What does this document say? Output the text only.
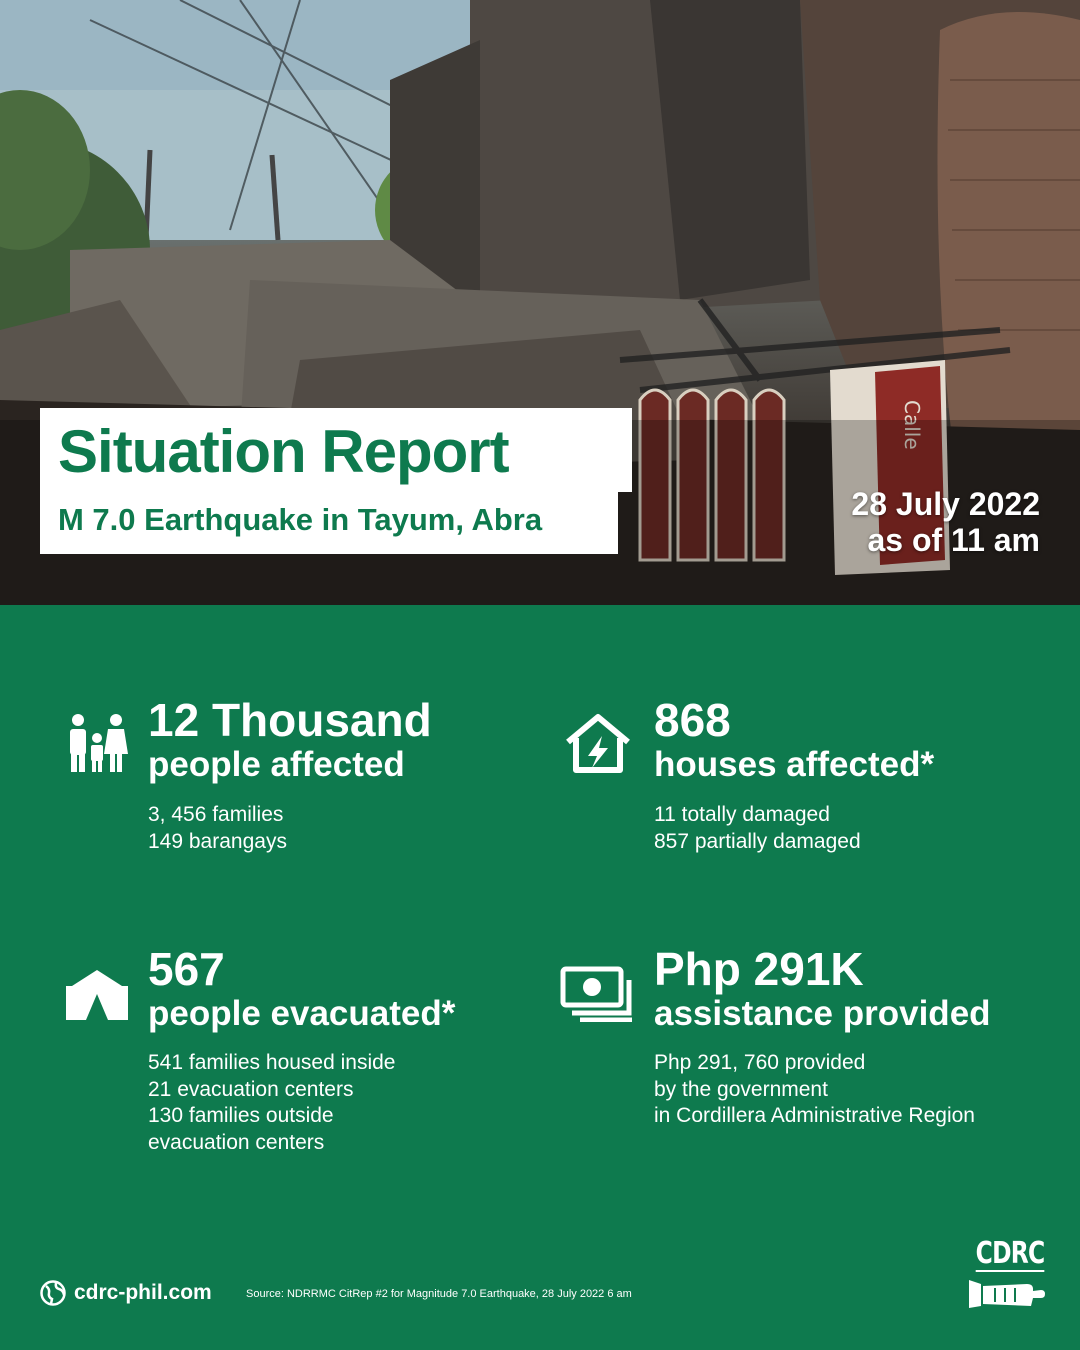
Calle
Situation Report
M 7.0 Earthquake in Tayum, Abra	28 July 2022
as of 11 am
12 Thousand
people affected
3, 456 families
149 barangays
868
houses affected*
11 totally damaged
857 partially damaged
567
people evacuated*
541 families housed inside
21 evacuation centers
130 families outside
evacuation centers
Php 291K
assistance provided
Php 291, 760 provided
by the government
in Cordillera Administrative Region
cdrc-phil.com	Source: NDRRMC CitRep #2 for Magnitude 7.0 Earthquake, 28 July 2022 6 am
CDRC
